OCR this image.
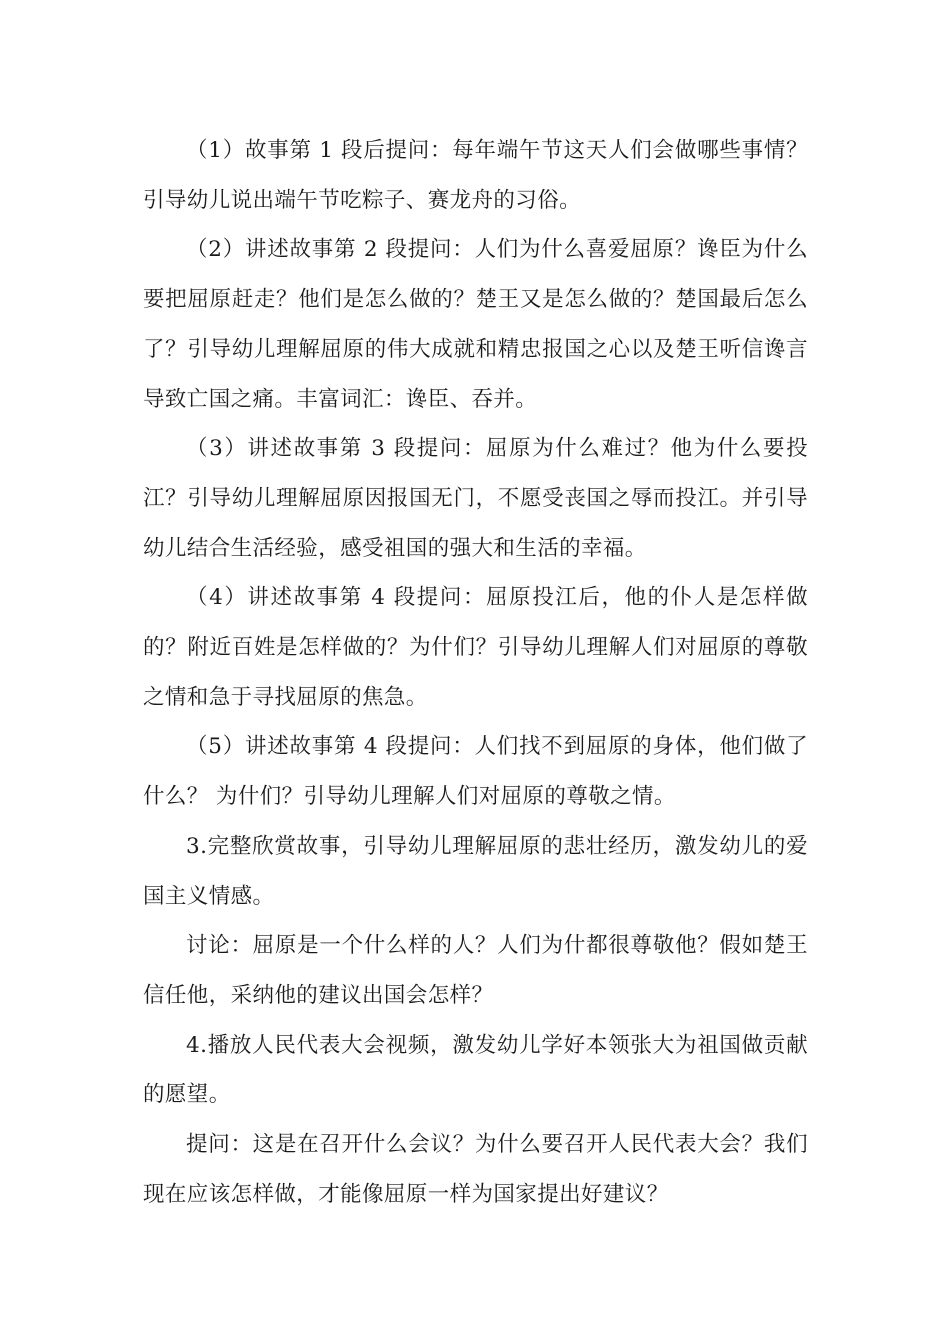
（1）故事第 1 段后提问：每年端午节这天人们会做哪些事情？引导幼儿说出端午节吃粽子、赛龙舟的习俗。

（2）讲述故事第 2 段提问：人们为什么喜爱屈原？谗臣为什么要把屈原赶走？他们是怎么做的？楚王又是怎么做的？楚国最后怎么了？引导幼儿理解屈原的伟大成就和精忠报国之心以及楚王听信谗言导致亡国之痛。丰富词汇：谗臣、吞并。

（3）讲述故事第 3 段提问：屈原为什么难过？他为什么要投江？引导幼儿理解屈原因报国无门，不愿受丧国之辱而投江。并引导幼儿结合生活经验，感受祖国的强大和生活的幸福。

（4）讲述故事第 4 段提问：屈原投江后，他的仆人是怎样做的？附近百姓是怎样做的？为什们？引导幼儿理解人们对屈原的尊敬之情和急于寻找屈原的焦急。

（5）讲述故事第 4 段提问：人们找不到屈原的身体，他们做了什么？ 为什们？引导幼儿理解人们对屈原的尊敬之情。

3.完整欣赏故事，引导幼儿理解屈原的悲壮经历，激发幼儿的爱国主义情感。

讨论：屈原是一个什么样的人？人们为什都很尊敬他？假如楚王信任他，采纳他的建议出国会怎样？

4.播放人民代表大会视频，激发幼儿学好本领张大为祖国做贡献的愿望。

提问：这是在召开什么会议？为什么要召开人民代表大会？我们现在应该怎样做，才能像屈原一样为国家提出好建议？
